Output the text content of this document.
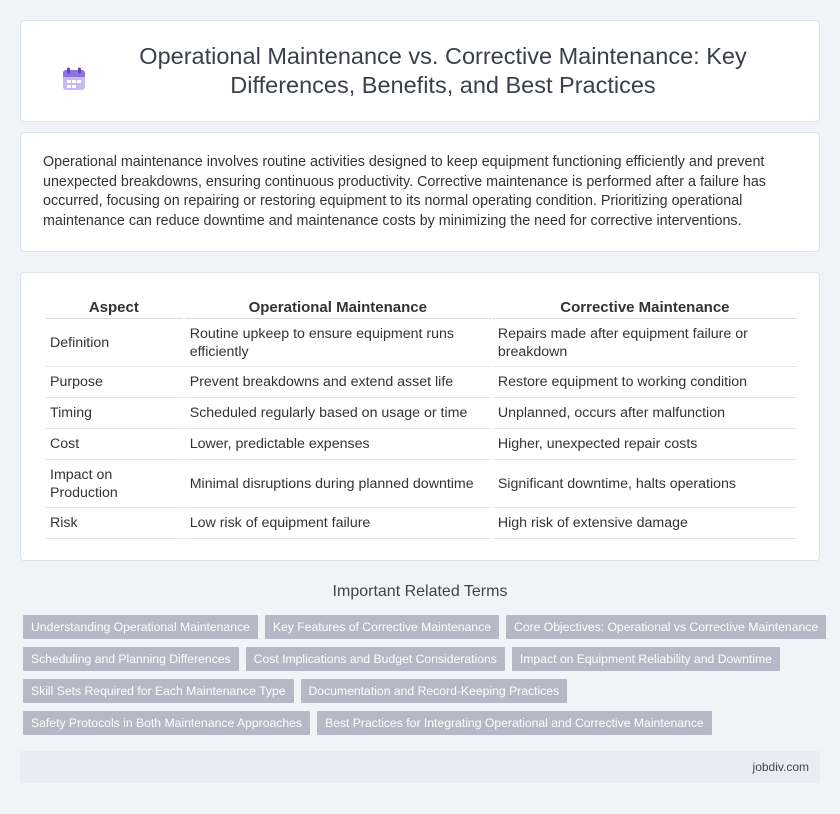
Operational Maintenance vs. Corrective Maintenance: Key Differences, Benefits, and Best Practices

Operational maintenance involves routine activities designed to keep equipment functioning efficiently and prevent unexpected breakdowns, ensuring continuous productivity. Corrective maintenance is performed after a failure has occurred, focusing on repairing or restoring equipment to its normal operating condition. Prioritizing operational maintenance can reduce downtime and maintenance costs by minimizing the need for corrective interventions.

Aspect	Operational Maintenance	Corrective Maintenance
Definition	Routine upkeep to ensure equipment runs efficiently	Repairs made after equipment failure or breakdown
Purpose	Prevent breakdowns and extend asset life	Restore equipment to working condition
Timing	Scheduled regularly based on usage or time	Unplanned, occurs after malfunction
Cost	Lower, predictable expenses	Higher, unexpected repair costs
Impact on Production	Minimal disruptions during planned downtime	Significant downtime, halts operations
Risk	Low risk of equipment failure	High risk of extensive damage
Important Related Terms
Understanding Operational Maintenance	Key Features of Corrective Maintenance	Core Objectives: Operational vs Corrective Maintenance
Scheduling and Planning Differences	Cost Implications and Budget Considerations	Impact on Equipment Reliability and Downtime
Skill Sets Required for Each Maintenance Type	Documentation and Record-Keeping Practices
Safety Protocols in Both Maintenance Approaches	Best Practices for Integrating Operational and Corrective Maintenance
jobdiv.com
